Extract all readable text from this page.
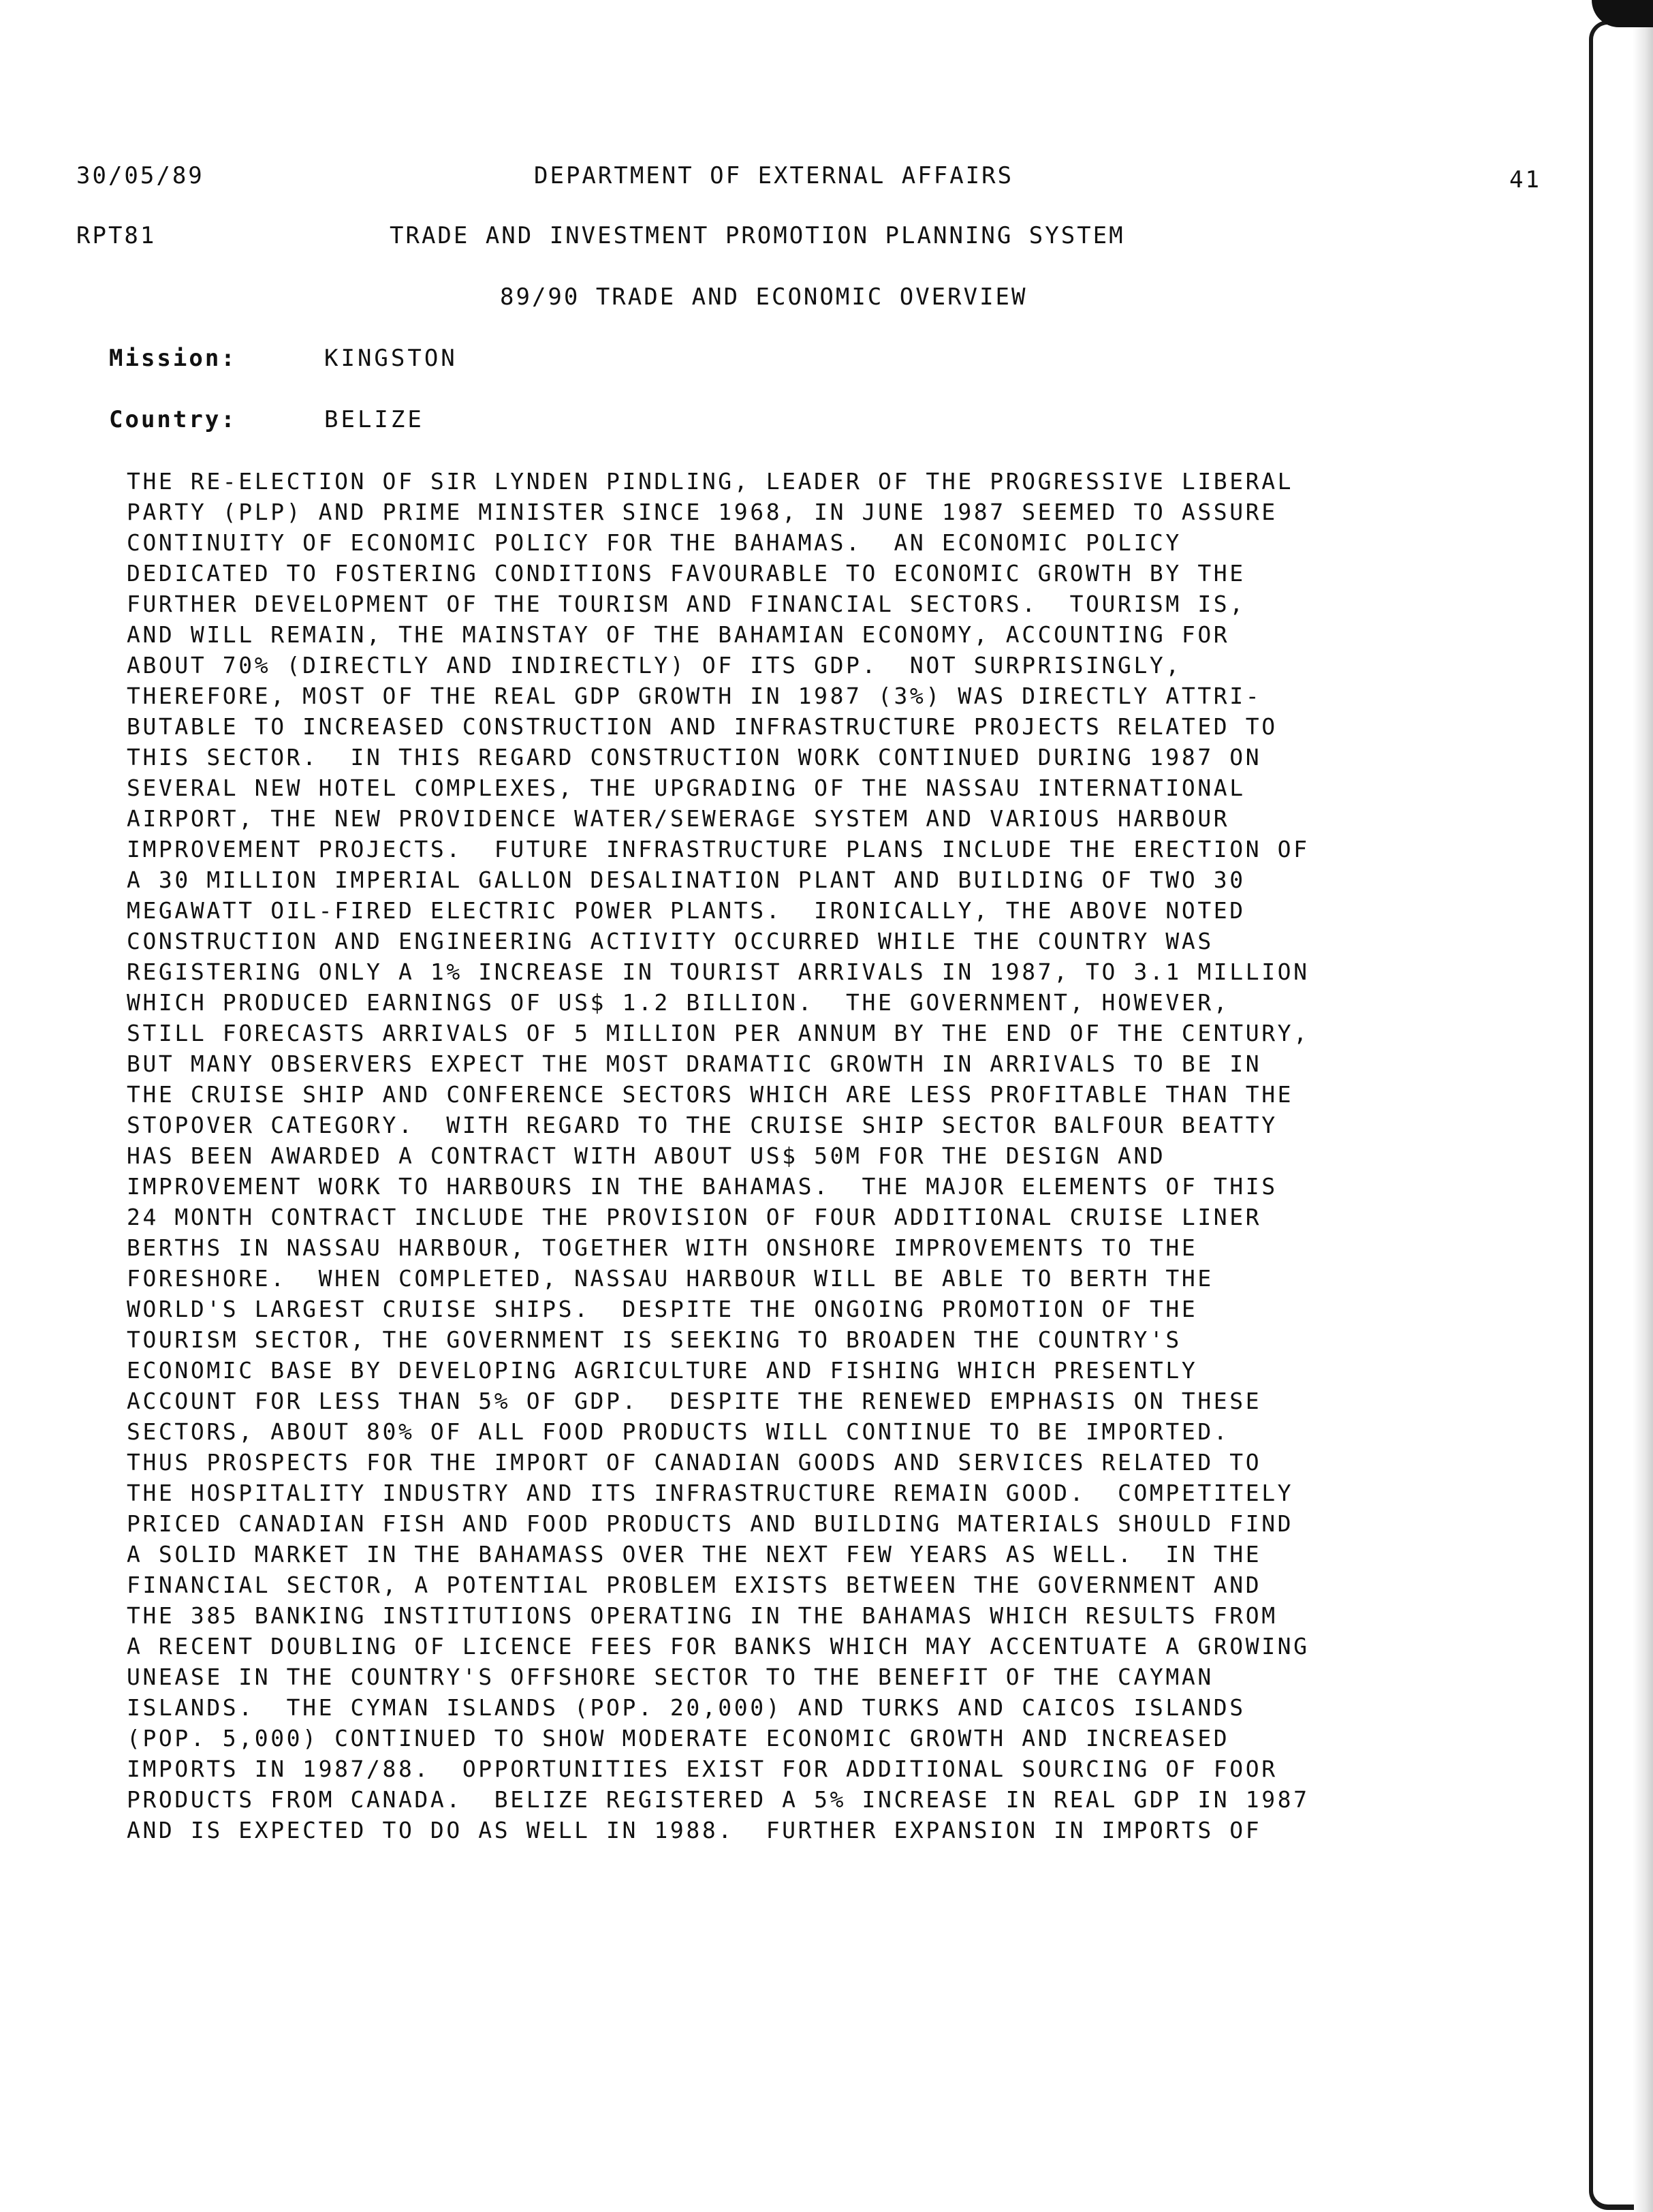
30/05/89	DEPARTMENT OF EXTERNAL AFFAIRS	41
RPT81	TRADE AND INVESTMENT PROMOTION PLANNING SYSTEM
89/90 TRADE AND ECONOMIC OVERVIEW
Mission:	KINGSTON
Country:	BELIZE
THE RE-ELECTION OF SIR LYNDEN PINDLING, LEADER OF THE PROGRESSIVE LIBERAL
PARTY (PLP) AND PRIME MINISTER SINCE 1968, IN JUNE 1987 SEEMED TO ASSURE
CONTINUITY OF ECONOMIC POLICY FOR THE BAHAMAS.  AN ECONOMIC POLICY
DEDICATED TO FOSTERING CONDITIONS FAVOURABLE TO ECONOMIC GROWTH BY THE
FURTHER DEVELOPMENT OF THE TOURISM AND FINANCIAL SECTORS.  TOURISM IS,
AND WILL REMAIN, THE MAINSTAY OF THE BAHAMIAN ECONOMY, ACCOUNTING FOR
ABOUT 70% (DIRECTLY AND INDIRECTLY) OF ITS GDP.  NOT SURPRISINGLY,
THEREFORE, MOST OF THE REAL GDP GROWTH IN 1987 (3%) WAS DIRECTLY ATTRI-
BUTABLE TO INCREASED CONSTRUCTION AND INFRASTRUCTURE PROJECTS RELATED TO
THIS SECTOR.  IN THIS REGARD CONSTRUCTION WORK CONTINUED DURING 1987 ON
SEVERAL NEW HOTEL COMPLEXES, THE UPGRADING OF THE NASSAU INTERNATIONAL
AIRPORT, THE NEW PROVIDENCE WATER/SEWERAGE SYSTEM AND VARIOUS HARBOUR
IMPROVEMENT PROJECTS.  FUTURE INFRASTRUCTURE PLANS INCLUDE THE ERECTION OF
A 30 MILLION IMPERIAL GALLON DESALINATION PLANT AND BUILDING OF TWO 30
MEGAWATT OIL-FIRED ELECTRIC POWER PLANTS.  IRONICALLY, THE ABOVE NOTED
CONSTRUCTION AND ENGINEERING ACTIVITY OCCURRED WHILE THE COUNTRY WAS
REGISTERING ONLY A 1% INCREASE IN TOURIST ARRIVALS IN 1987, TO 3.1 MILLION
WHICH PRODUCED EARNINGS OF US$ 1.2 BILLION.  THE GOVERNMENT, HOWEVER,
STILL FORECASTS ARRIVALS OF 5 MILLION PER ANNUM BY THE END OF THE CENTURY,
BUT MANY OBSERVERS EXPECT THE MOST DRAMATIC GROWTH IN ARRIVALS TO BE IN
THE CRUISE SHIP AND CONFERENCE SECTORS WHICH ARE LESS PROFITABLE THAN THE
STOPOVER CATEGORY.  WITH REGARD TO THE CRUISE SHIP SECTOR BALFOUR BEATTY
HAS BEEN AWARDED A CONTRACT WITH ABOUT US$ 50M FOR THE DESIGN AND
IMPROVEMENT WORK TO HARBOURS IN THE BAHAMAS.  THE MAJOR ELEMENTS OF THIS
24 MONTH CONTRACT INCLUDE THE PROVISION OF FOUR ADDITIONAL CRUISE LINER
BERTHS IN NASSAU HARBOUR, TOGETHER WITH ONSHORE IMPROVEMENTS TO THE
FORESHORE.  WHEN COMPLETED, NASSAU HARBOUR WILL BE ABLE TO BERTH THE
WORLD'S LARGEST CRUISE SHIPS.  DESPITE THE ONGOING PROMOTION OF THE
TOURISM SECTOR, THE GOVERNMENT IS SEEKING TO BROADEN THE COUNTRY'S
ECONOMIC BASE BY DEVELOPING AGRICULTURE AND FISHING WHICH PRESENTLY
ACCOUNT FOR LESS THAN 5% OF GDP.  DESPITE THE RENEWED EMPHASIS ON THESE
SECTORS, ABOUT 80% OF ALL FOOD PRODUCTS WILL CONTINUE TO BE IMPORTED.
THUS PROSPECTS FOR THE IMPORT OF CANADIAN GOODS AND SERVICES RELATED TO
THE HOSPITALITY INDUSTRY AND ITS INFRASTRUCTURE REMAIN GOOD.  COMPETITELY
PRICED CANADIAN FISH AND FOOD PRODUCTS AND BUILDING MATERIALS SHOULD FIND
A SOLID MARKET IN THE BAHAMASS OVER THE NEXT FEW YEARS AS WELL.  IN THE
FINANCIAL SECTOR, A POTENTIAL PROBLEM EXISTS BETWEEN THE GOVERNMENT AND
THE 385 BANKING INSTITUTIONS OPERATING IN THE BAHAMAS WHICH RESULTS FROM
A RECENT DOUBLING OF LICENCE FEES FOR BANKS WHICH MAY ACCENTUATE A GROWING
UNEASE IN THE COUNTRY'S OFFSHORE SECTOR TO THE BENEFIT OF THE CAYMAN
ISLANDS.  THE CYMAN ISLANDS (POP. 20,000) AND TURKS AND CAICOS ISLANDS
(POP. 5,000) CONTINUED TO SHOW MODERATE ECONOMIC GROWTH AND INCREASED
IMPORTS IN 1987/88.  OPPORTUNITIES EXIST FOR ADDITIONAL SOURCING OF FOOR
PRODUCTS FROM CANADA.  BELIZE REGISTERED A 5% INCREASE IN REAL GDP IN 1987
AND IS EXPECTED TO DO AS WELL IN 1988.  FURTHER EXPANSION IN IMPORTS OF
